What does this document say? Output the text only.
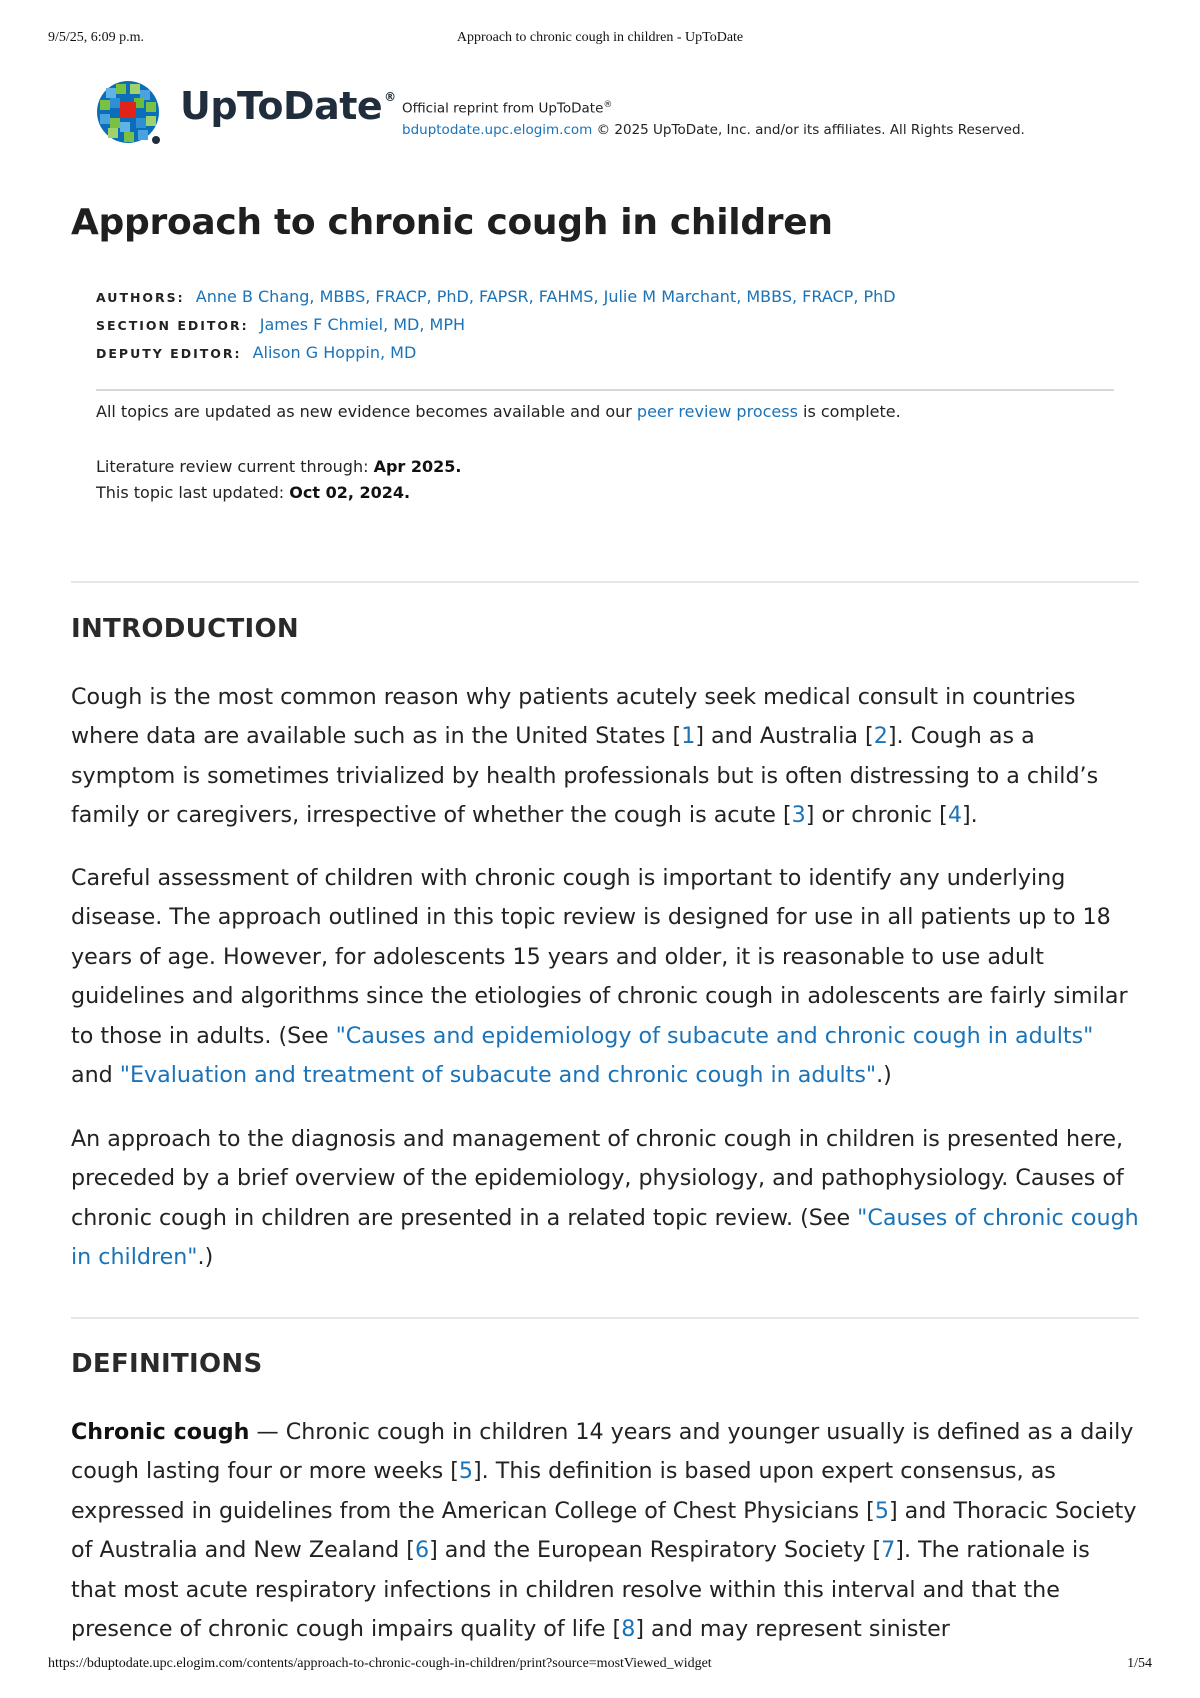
9/5/25, 6:09 p.m.	Approach to chronic cough in children - UpToDate
UpToDate ®
Official reprint from UpToDate®
bduptodate.upc.elogim.com © 2025 UpToDate, Inc. and/or its affiliates. All Rights Reserved.
Approach to chronic cough in children
AUTHORS: Anne B Chang, MBBS, FRACP, PhD, FAPSR, FAHMS, Julie M Marchant, MBBS, FRACP, PhD
SECTION EDITOR: James F Chmiel, MD, MPH
DEPUTY EDITOR: Alison G Hoppin, MD
All topics are updated as new evidence becomes available and our peer review process is complete.
Literature review current through: Apr 2025.
This topic last updated: Oct 02, 2024.
INTRODUCTION

Cough is the most common reason why patients acutely seek medical consult in countries where data are available such as in the United States [1] and Australia [2]. Cough as a symptom is sometimes trivialized by health professionals but is often distressing to a child’s family or caregivers, irrespective of whether the cough is acute [3] or chronic [4].

Careful assessment of children with chronic cough is important to identify any underlying disease. The approach outlined in this topic review is designed for use in all patients up to 18 years of age. However, for adolescents 15 years and older, it is reasonable to use adult guidelines and algorithms since the etiologies of chronic cough in adolescents are fairly similar to those in adults. (See "Causes and epidemiology of subacute and chronic cough in adults" and "Evaluation and treatment of subacute and chronic cough in adults".)

An approach to the diagnosis and management of chronic cough in children is presented here, preceded by a brief overview of the epidemiology, physiology, and pathophysiology. Causes of chronic cough in children are presented in a related topic review. (See "Causes of chronic cough in children".)

DEFINITIONS

Chronic cough — Chronic cough in children 14 years and younger usually is defined as a daily cough lasting four or more weeks [5]. This definition is based upon expert consensus, as expressed in guidelines from the American College of Chest Physicians [5] and Thoracic Society of Australia and New Zealand [6] and the European Respiratory Society [7]. The rationale is that most acute respiratory infections in children resolve within this interval and that the presence of chronic cough impairs quality of life [8] and may represent sinister

https://bduptodate.upc.elogim.com/contents/approach-to-chronic-cough-in-children/print?source=mostViewed_widget	1/54
